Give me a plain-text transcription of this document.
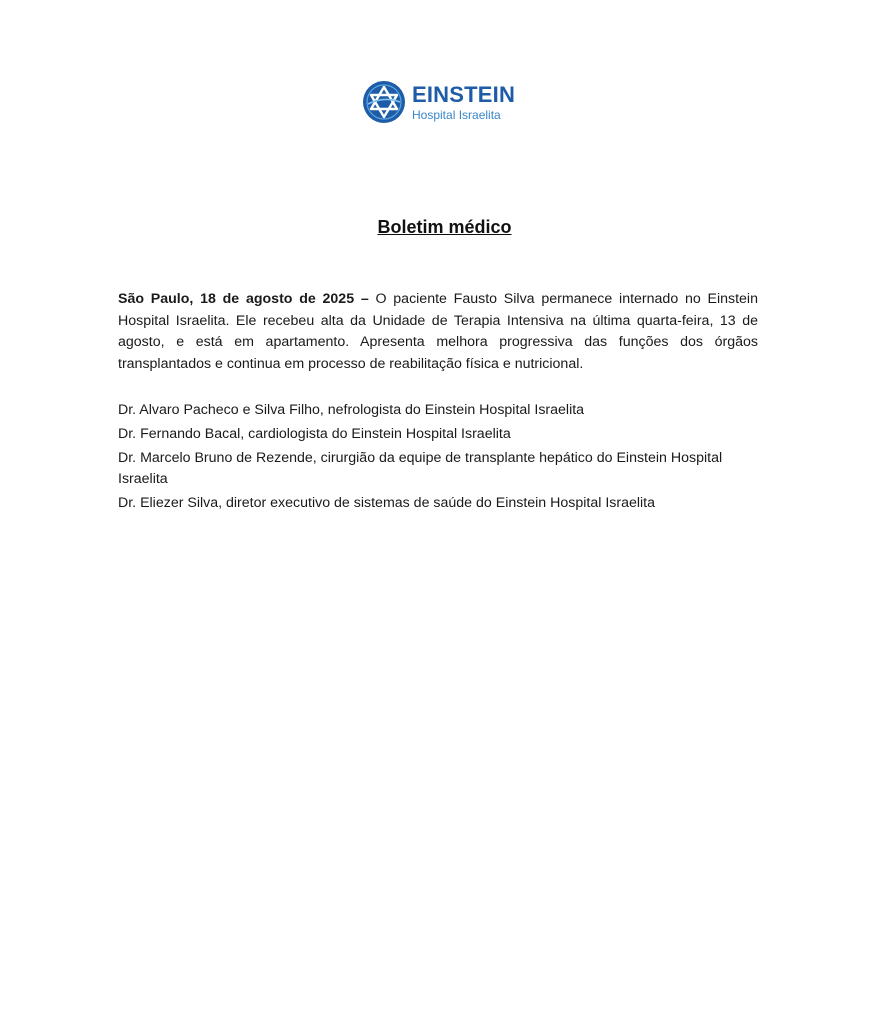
EINSTEIN
Hospital Israelita
Boletim médico
São Paulo, 18 de agosto de 2025 – O paciente Fausto Silva permanece internado no Einstein Hospital Israelita. Ele recebeu alta da Unidade de Terapia Intensiva na última quarta-feira, 13 de agosto, e está em apartamento. Apresenta melhora progressiva das funções dos órgãos transplantados e continua em processo de reabilitação física e nutricional.
Dr. Alvaro Pacheco e Silva Filho, nefrologista do Einstein Hospital Israelita
Dr. Fernando Bacal, cardiologista do Einstein Hospital Israelita
Dr. Marcelo Bruno de Rezende, cirurgião da equipe de transplante hepático do Einstein Hospital Israelita
Dr. Eliezer Silva, diretor executivo de sistemas de saúde do Einstein Hospital Israelita
